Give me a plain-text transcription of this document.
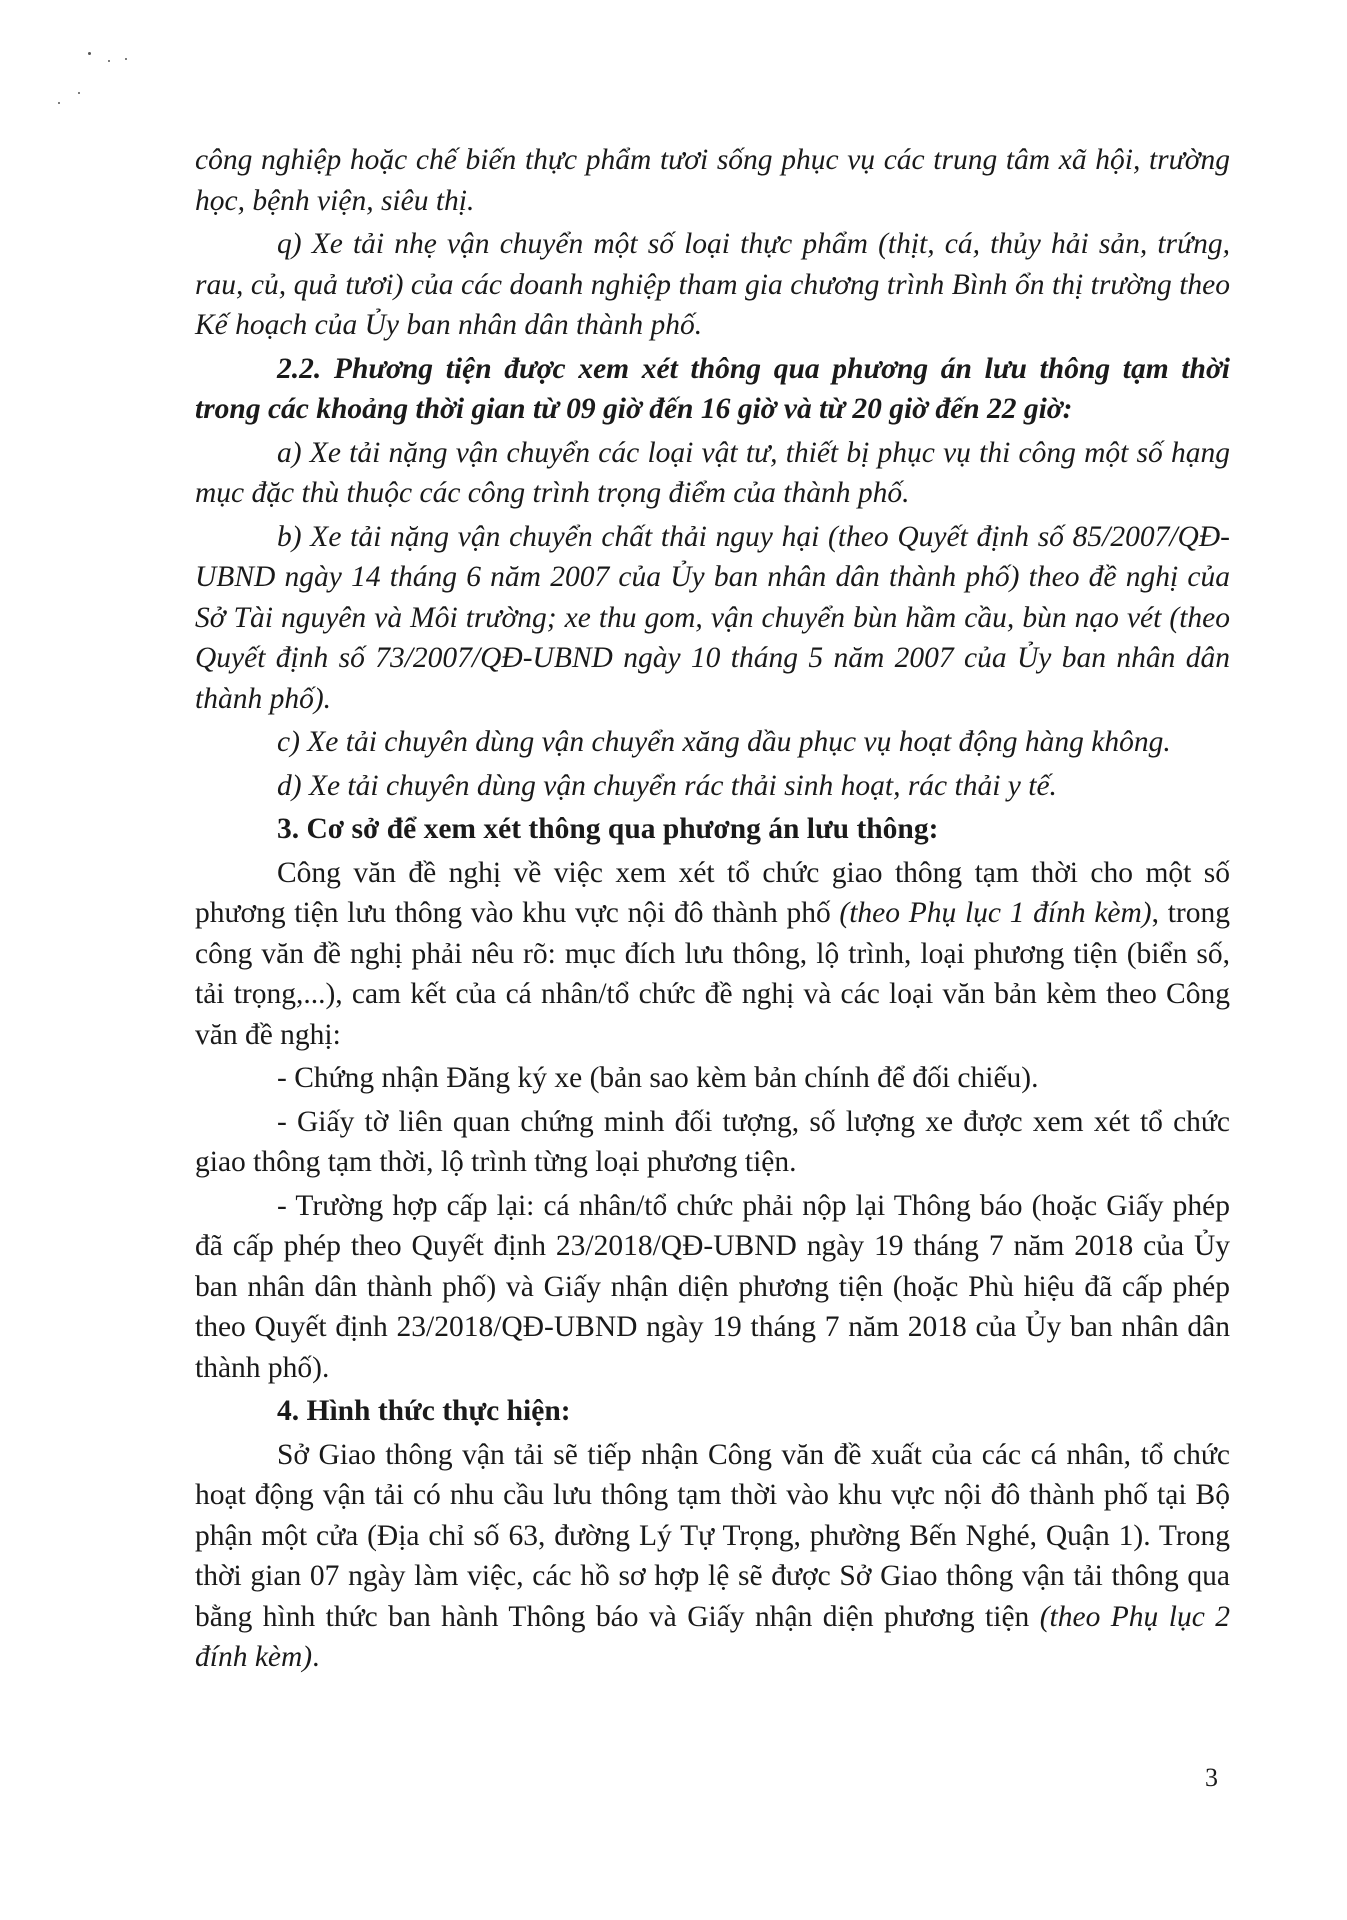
công nghiệp hoặc chế biến thực phẩm tươi sống phục vụ các trung tâm xã hội, trường học, bệnh viện, siêu thị.

q) Xe tải nhẹ vận chuyển một số loại thực phẩm (thịt, cá, thủy hải sản, trứng, rau, củ, quả tươi) của các doanh nghiệp tham gia chương trình Bình ổn thị trường theo Kế hoạch của Ủy ban nhân dân thành phố.

2.2. Phương tiện được xem xét thông qua phương án lưu thông tạm thời trong các khoảng thời gian từ 09 giờ đến 16 giờ và từ 20 giờ đến 22 giờ:

a) Xe tải nặng vận chuyển các loại vật tư, thiết bị phục vụ thi công một số hạng mục đặc thù thuộc các công trình trọng điểm của thành phố.

b) Xe tải nặng vận chuyển chất thải nguy hại (theo Quyết định số 85/2007/QĐ-UBND ngày 14 tháng 6 năm 2007 của Ủy ban nhân dân thành phố) theo đề nghị của Sở Tài nguyên và Môi trường; xe thu gom, vận chuyển bùn hầm cầu, bùn nạo vét (theo Quyết định số 73/2007/QĐ-UBND ngày 10 tháng 5 năm 2007 của Ủy ban nhân dân thành phố).

c) Xe tải chuyên dùng vận chuyển xăng dầu phục vụ hoạt động hàng không.

d) Xe tải chuyên dùng vận chuyển rác thải sinh hoạt, rác thải y tế.

3. Cơ sở để xem xét thông qua phương án lưu thông:

Công văn đề nghị về việc xem xét tổ chức giao thông tạm thời cho một số phương tiện lưu thông vào khu vực nội đô thành phố (theo Phụ lục 1 đính kèm), trong công văn đề nghị phải nêu rõ: mục đích lưu thông, lộ trình, loại phương tiện (biển số, tải trọng,...), cam kết của cá nhân/tổ chức đề nghị và các loại văn bản kèm theo Công văn đề nghị:

- Chứng nhận Đăng ký xe (bản sao kèm bản chính để đối chiếu).

- Giấy tờ liên quan chứng minh đối tượng, số lượng xe được xem xét tổ chức giao thông tạm thời, lộ trình từng loại phương tiện.

- Trường hợp cấp lại: cá nhân/tổ chức phải nộp lại Thông báo (hoặc Giấy phép đã cấp phép theo Quyết định 23/2018/QĐ-UBND ngày 19 tháng 7 năm 2018 của Ủy ban nhân dân thành phố) và Giấy nhận diện phương tiện (hoặc Phù hiệu đã cấp phép theo Quyết định 23/2018/QĐ-UBND ngày 19 tháng 7 năm 2018 của Ủy ban nhân dân thành phố).

4. Hình thức thực hiện:

Sở Giao thông vận tải sẽ tiếp nhận Công văn đề xuất của các cá nhân, tổ chức hoạt động vận tải có nhu cầu lưu thông tạm thời vào khu vực nội đô thành phố tại Bộ phận một cửa (Địa chỉ số 63, đường Lý Tự Trọng, phường Bến Nghé, Quận 1). Trong thời gian 07 ngày làm việc, các hồ sơ hợp lệ sẽ được Sở Giao thông vận tải thông qua bằng hình thức ban hành Thông báo và Giấy nhận diện phương tiện (theo Phụ lục 2 đính kèm).

3
